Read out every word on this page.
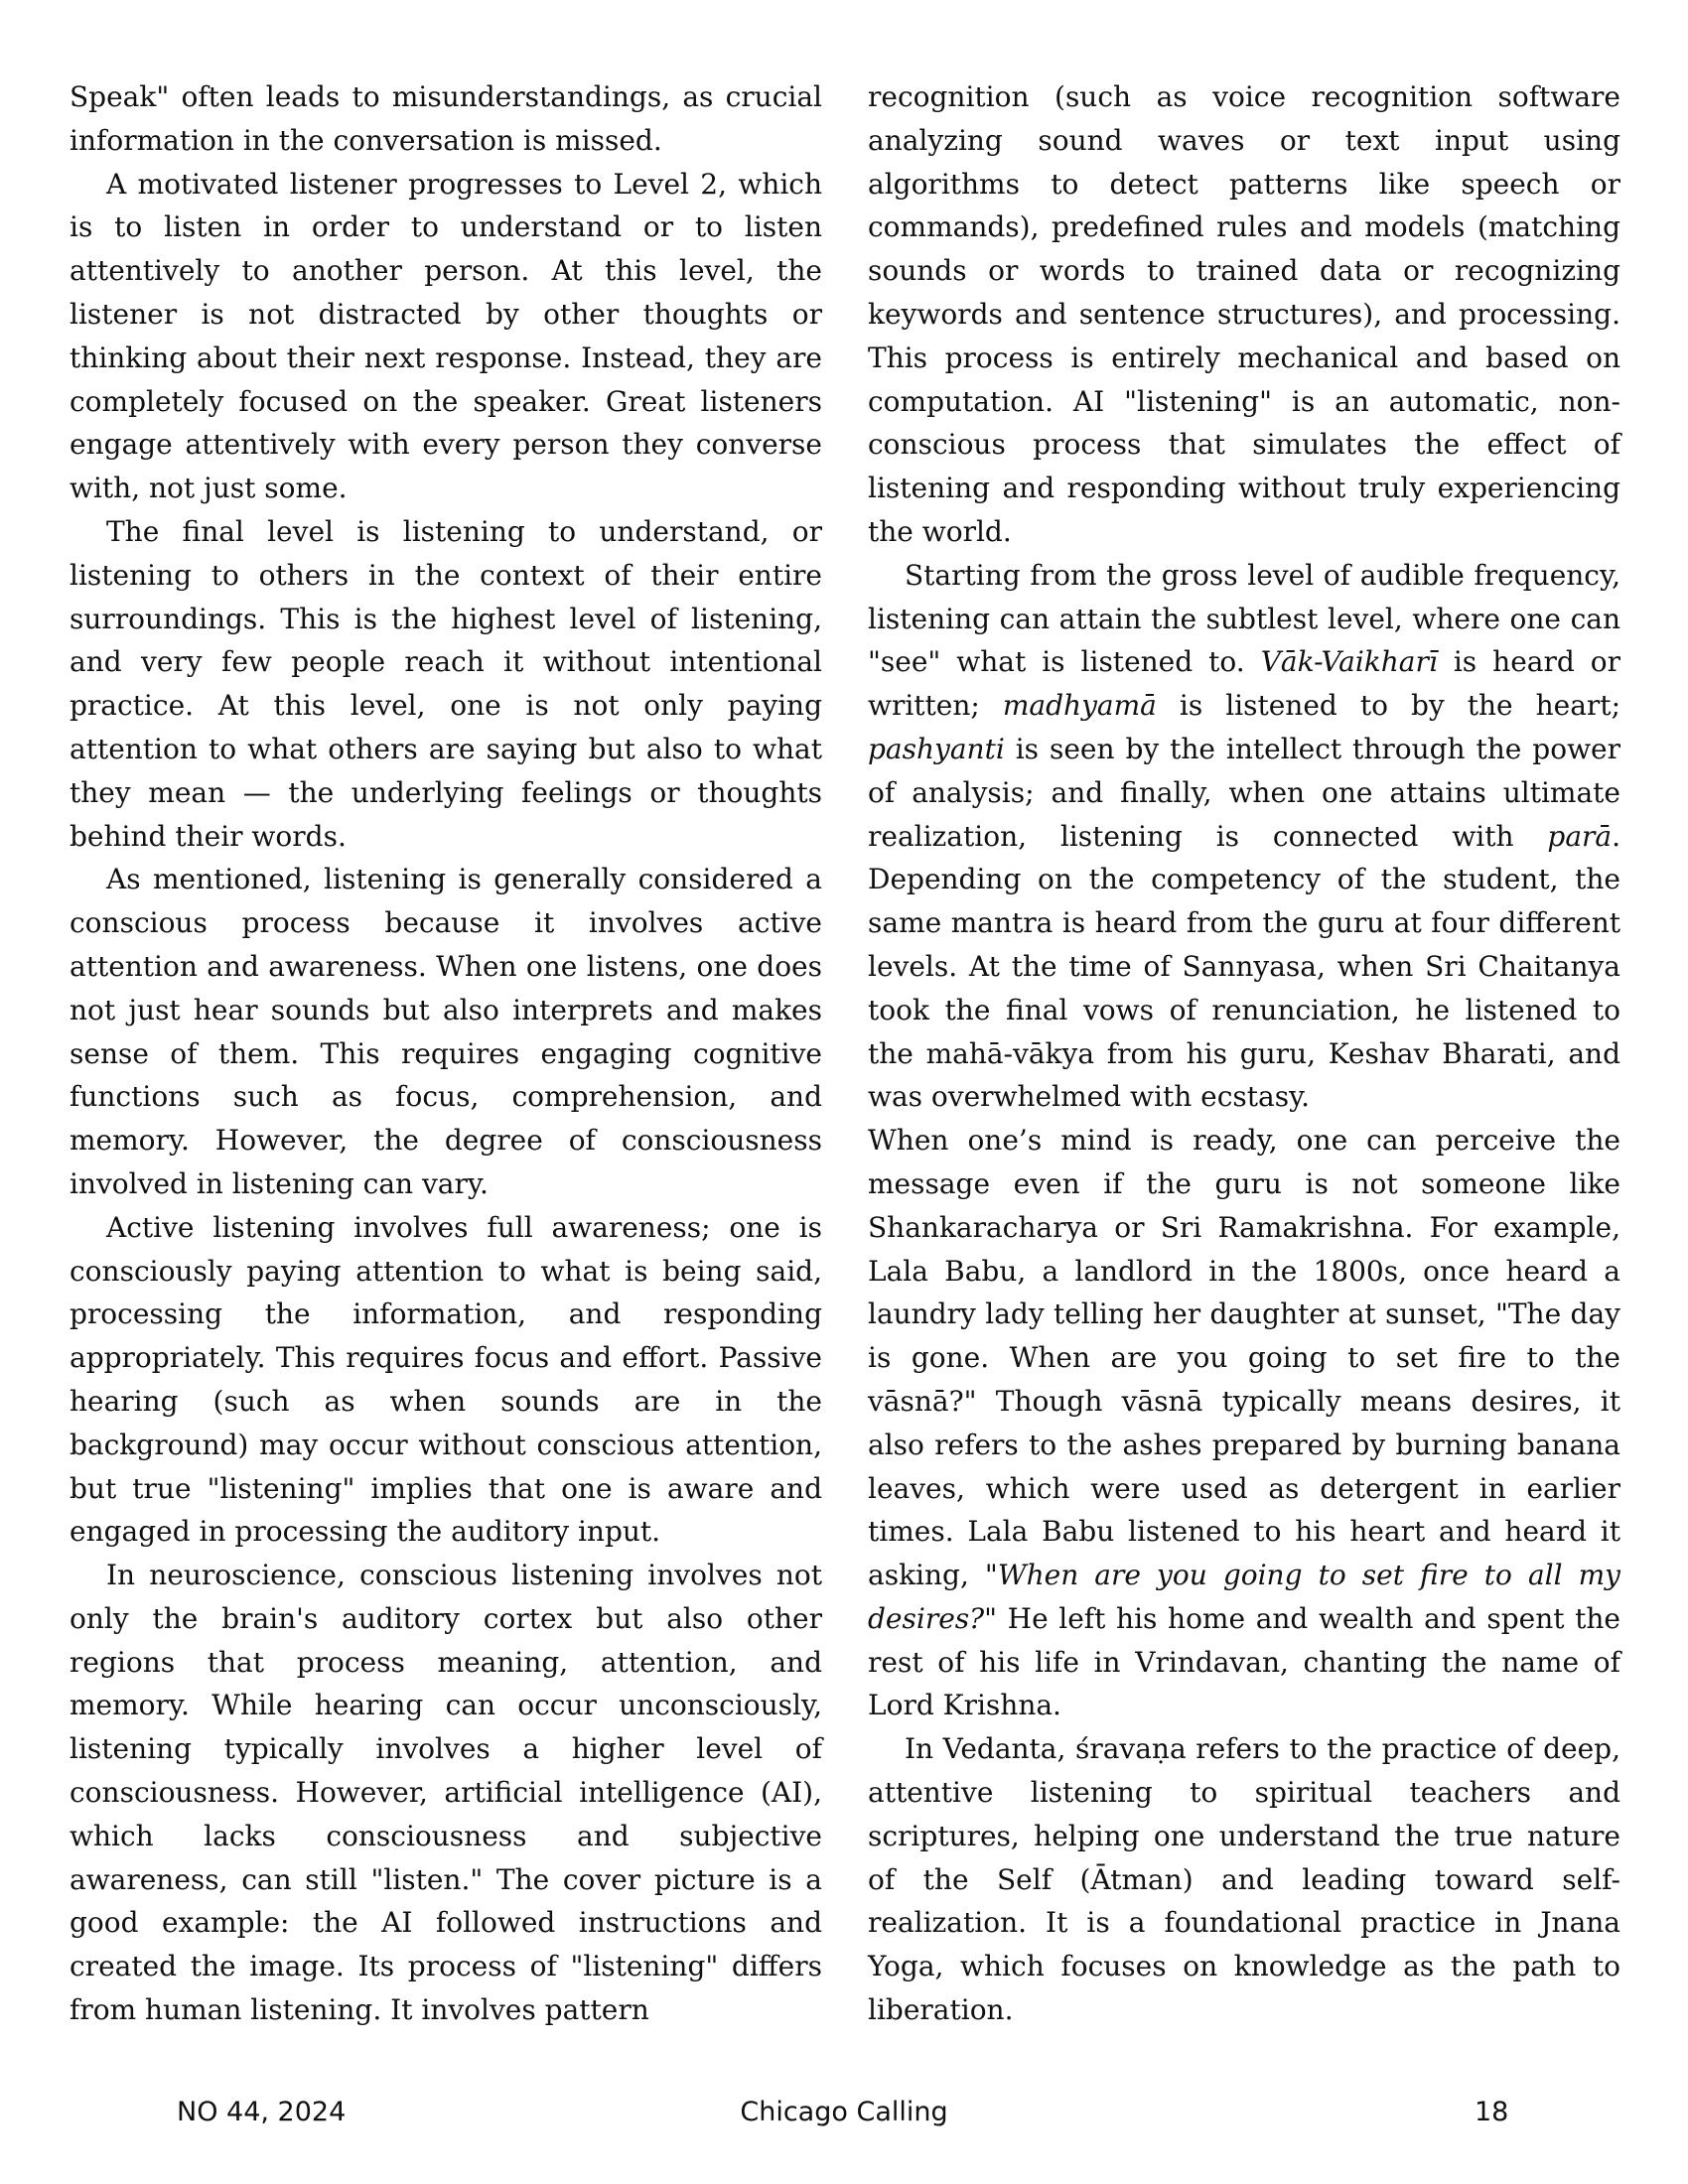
Speak" often leads to misunderstandings, as crucial information in the conversation is missed.

A motivated listener progresses to Level 2, which is to listen in order to understand or to listen attentively to another person. At this level, the listener is not distracted by other thoughts or thinking about their next response. Instead, they are completely focused on the speaker. Great listeners engage attentively with every person they converse with, not just some.

The final level is listening to understand, or listening to others in the context of their entire surroundings. This is the highest level of listening, and very few people reach it without intentional practice. At this level, one is not only paying attention to what others are saying but also to what they mean — the underlying feelings or thoughts behind their words.

As mentioned, listening is generally considered a conscious process because it involves active attention and awareness. When one listens, one does not just hear sounds but also interprets and makes sense of them. This requires engaging cognitive functions such as focus, comprehension, and memory. However, the degree of consciousness involved in listening can vary.

Active listening involves full awareness; one is consciously paying attention to what is being said, processing the information, and responding appropriately. This requires focus and effort. Passive hearing (such as when sounds are in the background) may occur without conscious attention, but true "listening" implies that one is aware and engaged in processing the auditory input.

In neuroscience, conscious listening involves not only the brain's auditory cortex but also other regions that process meaning, attention, and memory. While hearing can occur unconsciously, listening typically involves a higher level of consciousness. However, artificial intelligence (AI), which lacks consciousness and subjective awareness, can still "listen." The cover picture is a good example: the AI followed instructions and created the image. Its process of "listening" differs from human listening. It involves pattern

recognition (such as voice recognition software analyzing sound waves or text input using algorithms to detect patterns like speech or commands), predefined rules and models (matching sounds or words to trained data or recognizing keywords and sentence structures), and processing. This process is entirely mechanical and based on computation. AI "listening" is an automatic, non-conscious process that simulates the effect of listening and responding without truly experiencing the world.

Starting from the gross level of audible frequency, listening can attain the subtlest level, where one can "see" what is listened to. Vāk-Vaikharī is heard or written; madhyamā is listened to by the heart; pashyanti is seen by the intellect through the power of analysis; and finally, when one attains ultimate realization, listening is connected with parā. Depending on the competency of the student, the same mantra is heard from the guru at four different levels. At the time of Sannyasa, when Sri Chaitanya took the final vows of renunciation, he listened to the mahā-vākya from his guru, Keshav Bharati, and was overwhelmed with ecstasy.

When one’s mind is ready, one can perceive the message even if the guru is not someone like Shankaracharya or Sri Ramakrishna. For example, Lala Babu, a landlord in the 1800s, once heard a laundry lady telling her daughter at sunset, "The day is gone. When are you going to set fire to the vāsnā?" Though vāsnā typically means desires, it also refers to the ashes prepared by burning banana leaves, which were used as detergent in earlier times. Lala Babu listened to his heart and heard it asking, "When are you going to set fire to all my desires?" He left his home and wealth and spent the rest of his life in Vrindavan, chanting the name of Lord Krishna.

In Vedanta, śravaṇa refers to the practice of deep, attentive listening to spiritual teachers and scriptures, helping one understand the true nature of the Self (Ātman) and leading toward self-realization. It is a foundational practice in Jnana Yoga, which focuses on knowledge as the path to liberation.

NO 44, 2024	Chicago Calling	18
